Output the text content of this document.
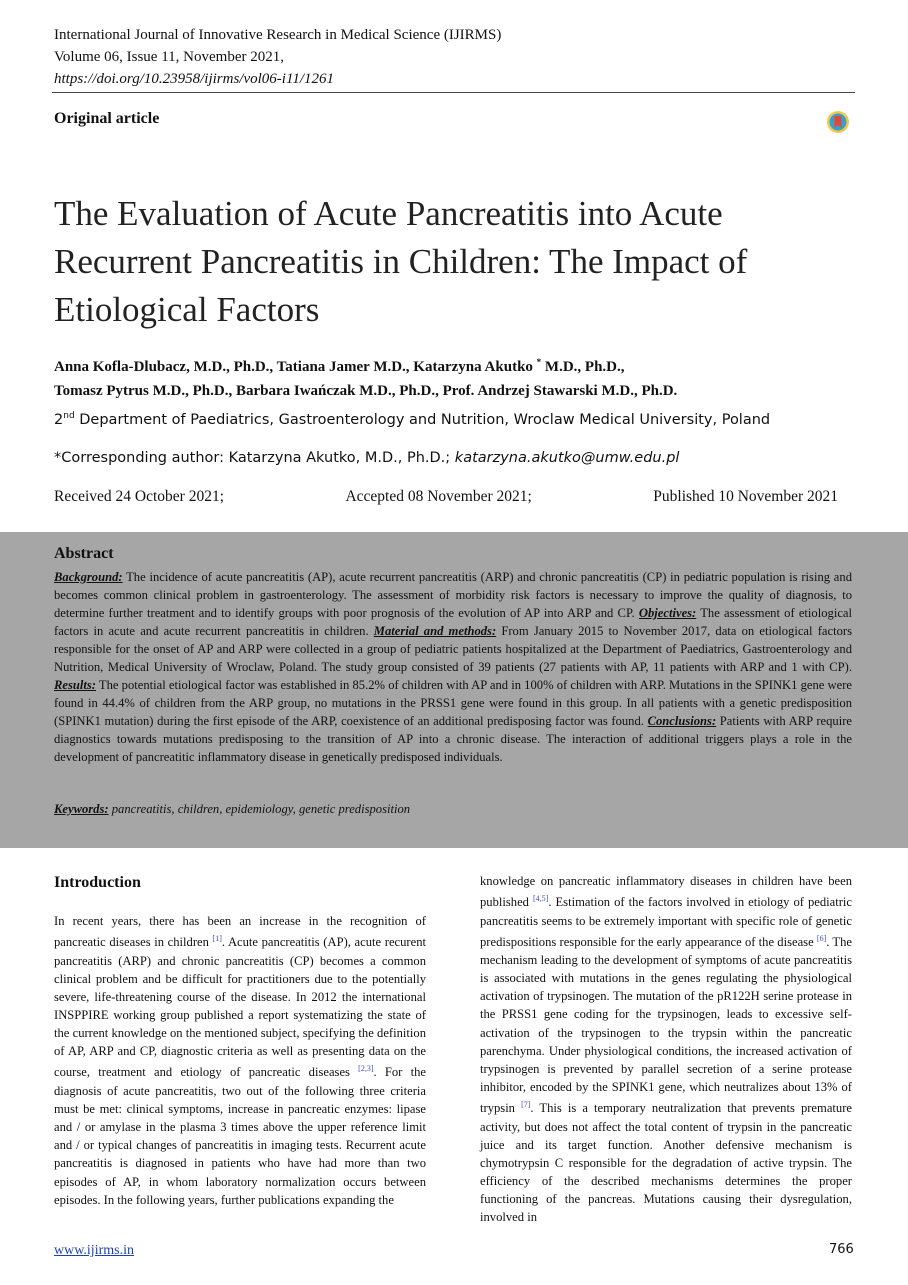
International Journal of Innovative Research in Medical Science (IJIRMS)
Volume 06, Issue 11, November 2021,
https://doi.org/10.23958/ijirms/vol06-i11/1261
Original article
The Evaluation of Acute Pancreatitis into Acute Recurrent Pancreatitis in Children: The Impact of Etiological Factors
Anna Kofla-Dlubacz, M.D., Ph.D., Tatiana Jamer M.D., Katarzyna Akutko * M.D., Ph.D.,
Tomasz Pytrus M.D., Ph.D., Barbara Iwańczak M.D., Ph.D., Prof. Andrzej Stawarski M.D., Ph.D.
2nd Department of Paediatrics, Gastroenterology and Nutrition, Wroclaw Medical University, Poland
*Corresponding author: Katarzyna Akutko, M.D., Ph.D.; katarzyna.akutko@umw.edu.pl
Received 24 October 2021;	Accepted 08 November 2021;	Published 10 November 2021
Abstract

Background: The incidence of acute pancreatitis (AP), acute recurrent pancreatitis (ARP) and chronic pancreatitis (CP) in pediatric population is rising and becomes common clinical problem in gastroenterology. The assessment of morbidity risk factors is necessary to improve the quality of diagnosis, to determine further treatment and to identify groups with poor prognosis of the evolution of AP into ARP and CP. Objectives: The assessment of etiological factors in acute and acute recurrent pancreatitis in children. Material and methods: From January 2015 to November 2017, data on etiological factors responsible for the onset of AP and ARP were collected in a group of pediatric patients hospitalized at the Department of Paediatrics, Gastroenterology and Nutrition, Medical University of Wroclaw, Poland. The study group consisted of 39 patients (27 patients with AP, 11 patients with ARP and 1 with CP). Results: The potential etiological factor was established in 85.2% of children with AP and in 100% of children with ARP. Mutations in the SPINK1 gene were found in 44.4% of children from the ARP group, no mutations in the PRSS1 gene were found in this group. In all patients with a genetic predisposition (SPINK1 mutation) during the first episode of the ARP, coexistence of an additional predisposing factor was found. Conclusions: Patients with ARP require diagnostics towards mutations predisposing to the transition of AP into a chronic disease. The interaction of additional triggers plays a role in the development of pancreatitic inflammatory disease in genetically predisposed individuals.

Keywords: pancreatitis, children, epidemiology, genetic predisposition
Introduction

In recent years, there has been an increase in the recognition of pancreatic diseases in children [1]. Acute pancreatitis (AP), acute recurent pancreatitis (ARP) and chronic pancreatitis (CP) becomes a common clinical problem and be difficult for practitioners due to the potentially severe, life-threatening course of the disease. In 2012 the international INSPPIRE working group published a report systematizing the state of the current knowledge on the mentioned subject, specifying the definition of AP, ARP and CP, diagnostic criteria as well as presenting data on the course, treatment and etiology of pancreatic diseases [2,3]. For the diagnosis of acute pancreatitis, two out of the following three criteria must be met: clinical symptoms, increase in pancreatic enzymes: lipase and / or amylase in the plasma 3 times above the upper reference limit and / or typical changes of pancreatitis in imaging tests. Recurrent acute pancreatitis is diagnosed in patients who have had more than two episodes of AP, in whom laboratory normalization occurs between episodes. In the following years, further publications expanding the

knowledge on pancreatic inflammatory diseases in children have been published [4,5]. Estimation of the factors involved in etiology of pediatric pancreatitis seems to be extremely important with specific role of genetic predispositions responsible for the early appearance of the disease [6]. The mechanism leading to the development of symptoms of acute pancreatitis is associated with mutations in the genes regulating the physiological activation of trypsinogen. The mutation of the pR122H serine protease in the PRSS1 gene coding for the trypsinogen, leads to excessive self-activation of the trypsinogen to the trypsin within the pancreatic parenchyma. Under physiological conditions, the increased activation of trypsinogen is prevented by parallel secretion of a serine protease inhibitor, encoded by the SPINK1 gene, which neutralizes about 13% of trypsin [7]. This is a temporary neutralization that prevents premature activity, but does not affect the total content of trypsin in the pancreatic juice and its target function. Another defensive mechanism is chymotrypsin C responsible for the degradation of active trypsin. The efficiency of the described mechanisms determines the proper functioning of the pancreas. Mutations causing their dysregulation, involved in

www.ijirms.in	766
